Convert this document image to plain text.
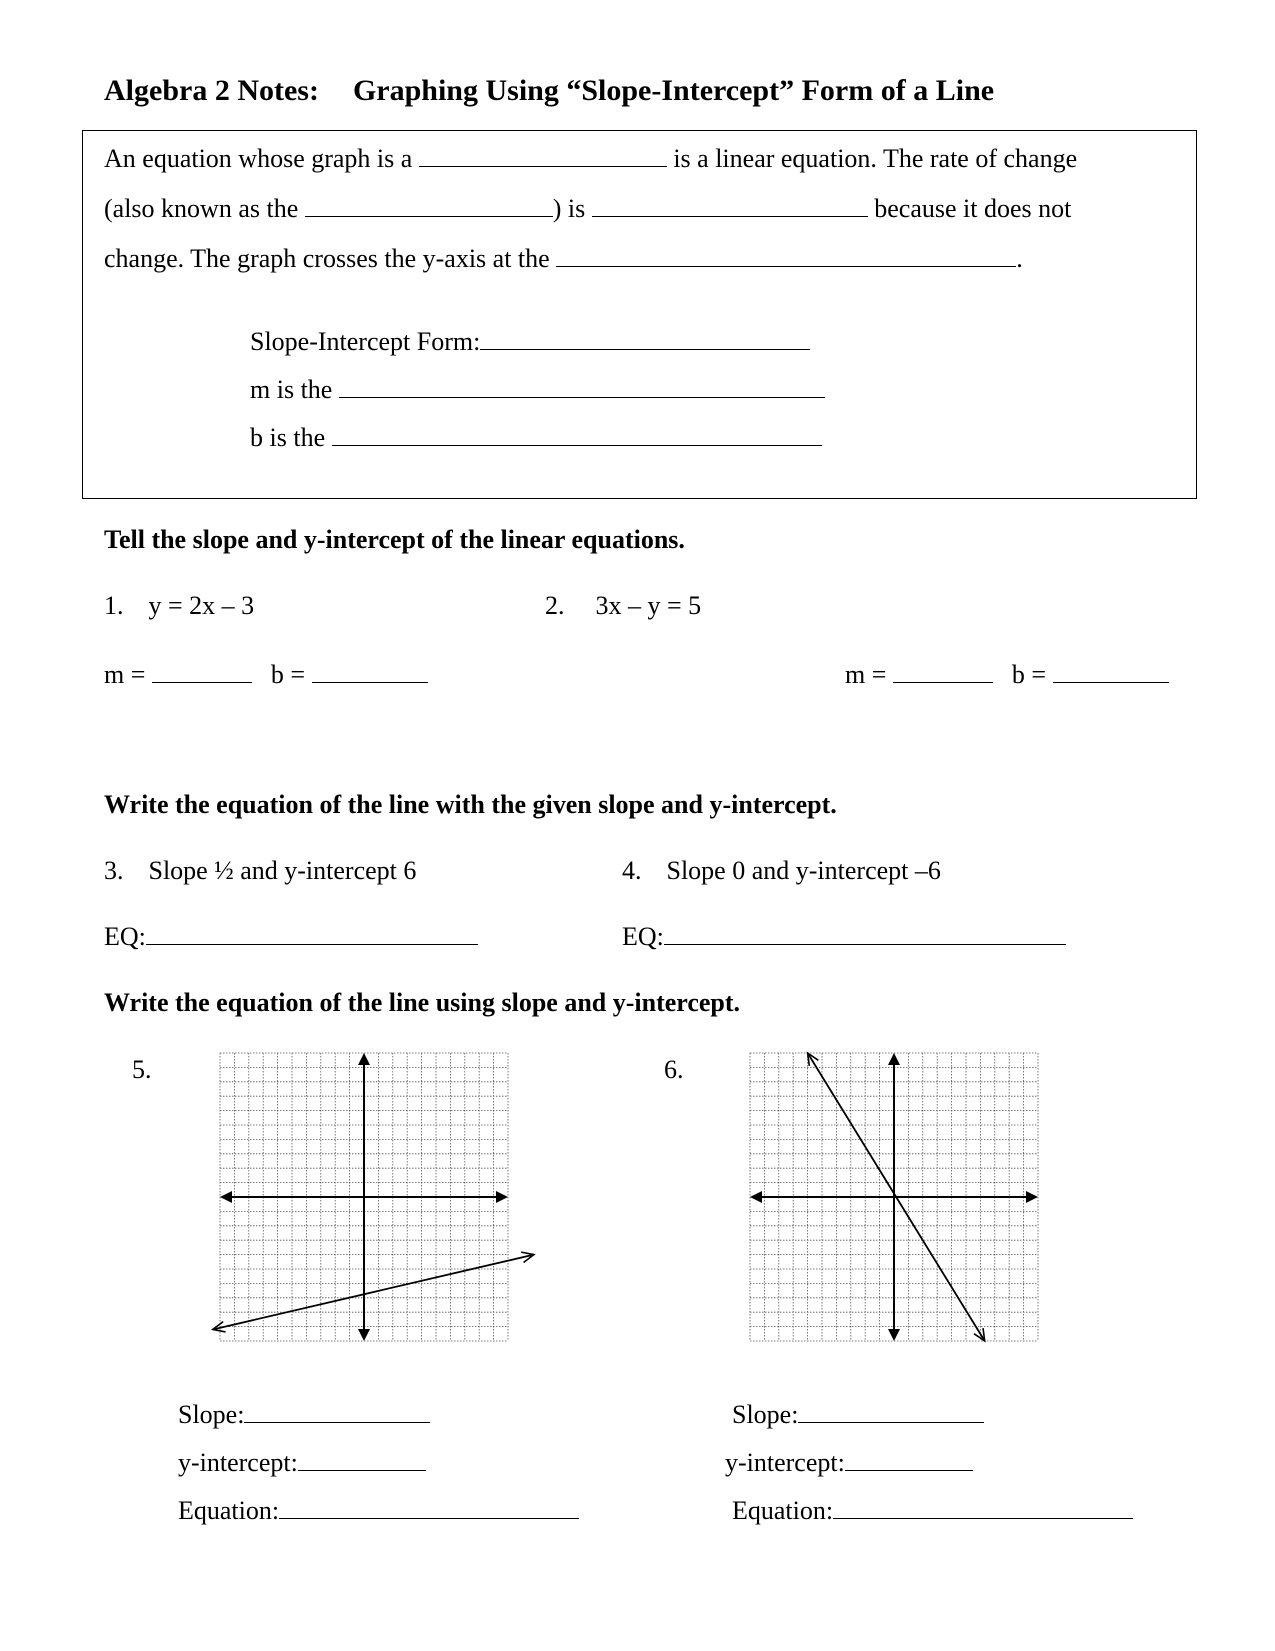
Algebra 2 Notes: Graphing Using “Slope-Intercept” Form of a Line
An equation whose graph is a	is a linear equation. The rate of change
(also known as the	) is	because it does not
change. The graph crosses the y-axis at the	.
Slope-Intercept Form:
m is the
b is the
Tell the slope and y-intercept of the linear equations.
1. y = 2x – 3	2. 3x – y = 5
m =	b =	m =	b =
Write the equation of the line with the given slope and y-intercept.
3. Slope ½ and y-intercept 6	4. Slope 0 and y-intercept –6
EQ:	EQ:
Write the equation of the line using slope and y-intercept.
5.	6.
Slope:
y-intercept:
Equation:
Slope:
y-intercept:
Equation:
